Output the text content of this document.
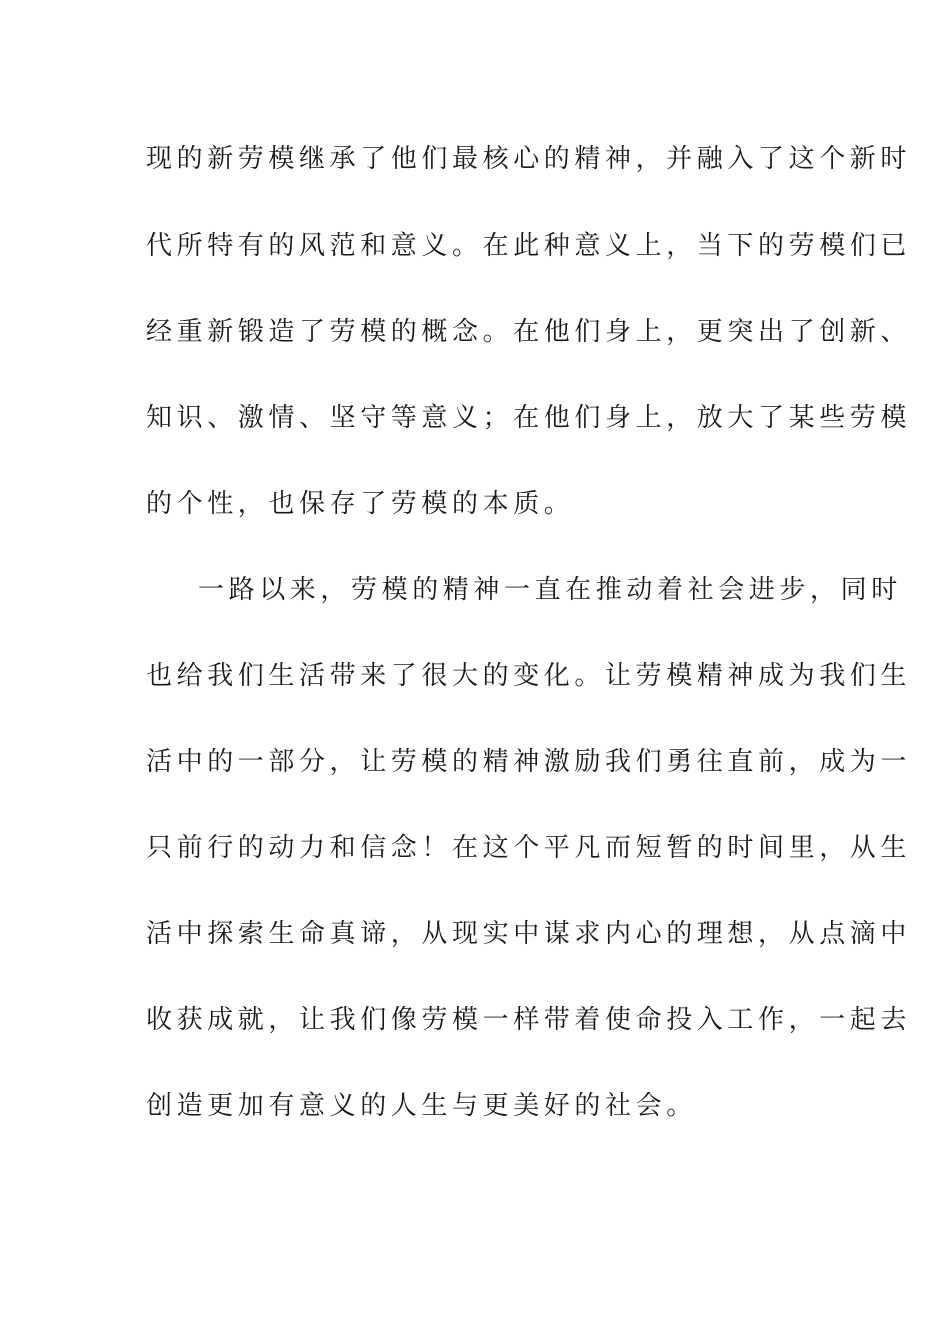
现的新劳模继承了他们最核心的精神，并融入了这个新时
代所特有的风范和意义。在此种意义上，当下的劳模们已
经重新锻造了劳模的概念。在他们身上，更突出了创新、
知识、激情、坚守等意义；在他们身上，放大了某些劳模
的个性，也保存了劳模的本质。
一路以来，劳模的精神一直在推动着社会进步，同时
也给我们生活带来了很大的变化。让劳模精神成为我们生
活中的一部分，让劳模的精神激励我们勇往直前，成为一
只前行的动力和信念！在这个平凡而短暂的时间里，从生
活中探索生命真谛，从现实中谋求内心的理想，从点滴中
收获成就，让我们像劳模一样带着使命投入工作，一起去
创造更加有意义的人生与更美好的社会。
